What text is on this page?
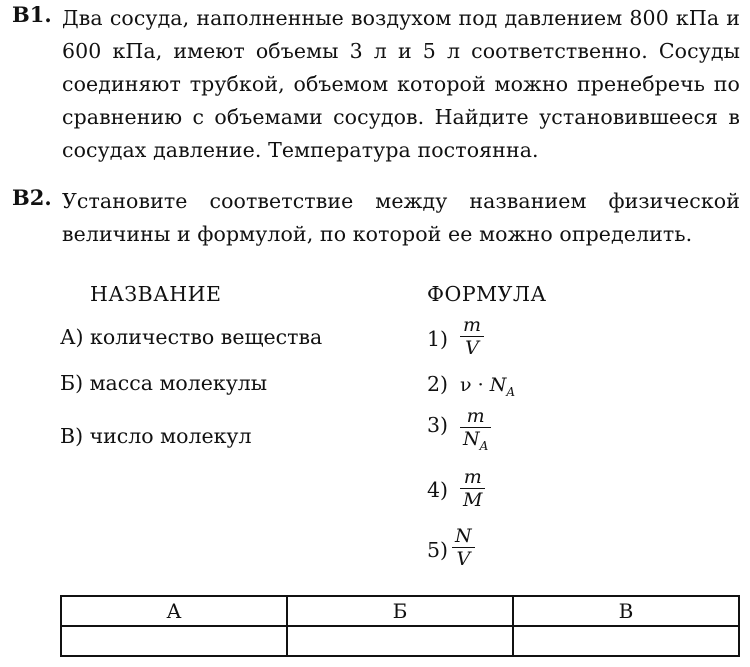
В1. Два сосуда, наполненные воздухом под давлением 800 кПа и 600 кПа, имеют объемы 3 л и 5 л соответственно. Сосуды соединяют трубкой, объемом которой можно пренебречь по сравнению с объемами сосудов. Найдите установившееся в сосудах давление. Температура постоянна.
В2. Установите соответствие между названием физической величины и формулой, по которой ее можно определить.
НАЗВАНИЕ	ФОРМУЛА
А) количество вещества
Б) масса молекулы
В) число молекул
1)
m
V
2) $\nu \cdot N_A$
3) m
$N_A$
4)
m
M
5)
N
V
А	Б	В
